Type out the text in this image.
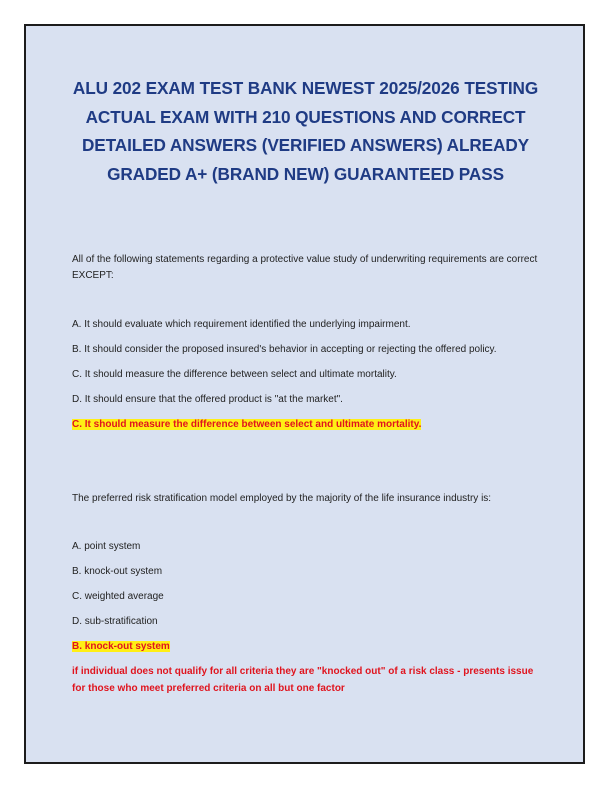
ALU 202 EXAM TEST BANK NEWEST 2025/2026 TESTING ACTUAL EXAM WITH 210 QUESTIONS AND CORRECT DETAILED ANSWERS (VERIFIED ANSWERS) ALREADY GRADED A+ (BRAND NEW) GUARANTEED PASS

All of the following statements regarding a protective value study of underwriting requirements are correct EXCEPT:

A. It should evaluate which requirement identified the underlying impairment.

B. It should consider the proposed insured's behavior in accepting or rejecting the offered policy.

C. It should measure the difference between select and ultimate mortality.

D. It should ensure that the offered product is "at the market".

C. It should measure the difference between select and ultimate mortality.

The preferred risk stratification model employed by the majority of the life insurance industry is:

A. point system

B. knock-out system

C. weighted average

D. sub-stratification

B. knock-out system

if individual does not qualify for all criteria they are "knocked out" of a risk class - presents issue for those who meet preferred criteria on all but one factor
